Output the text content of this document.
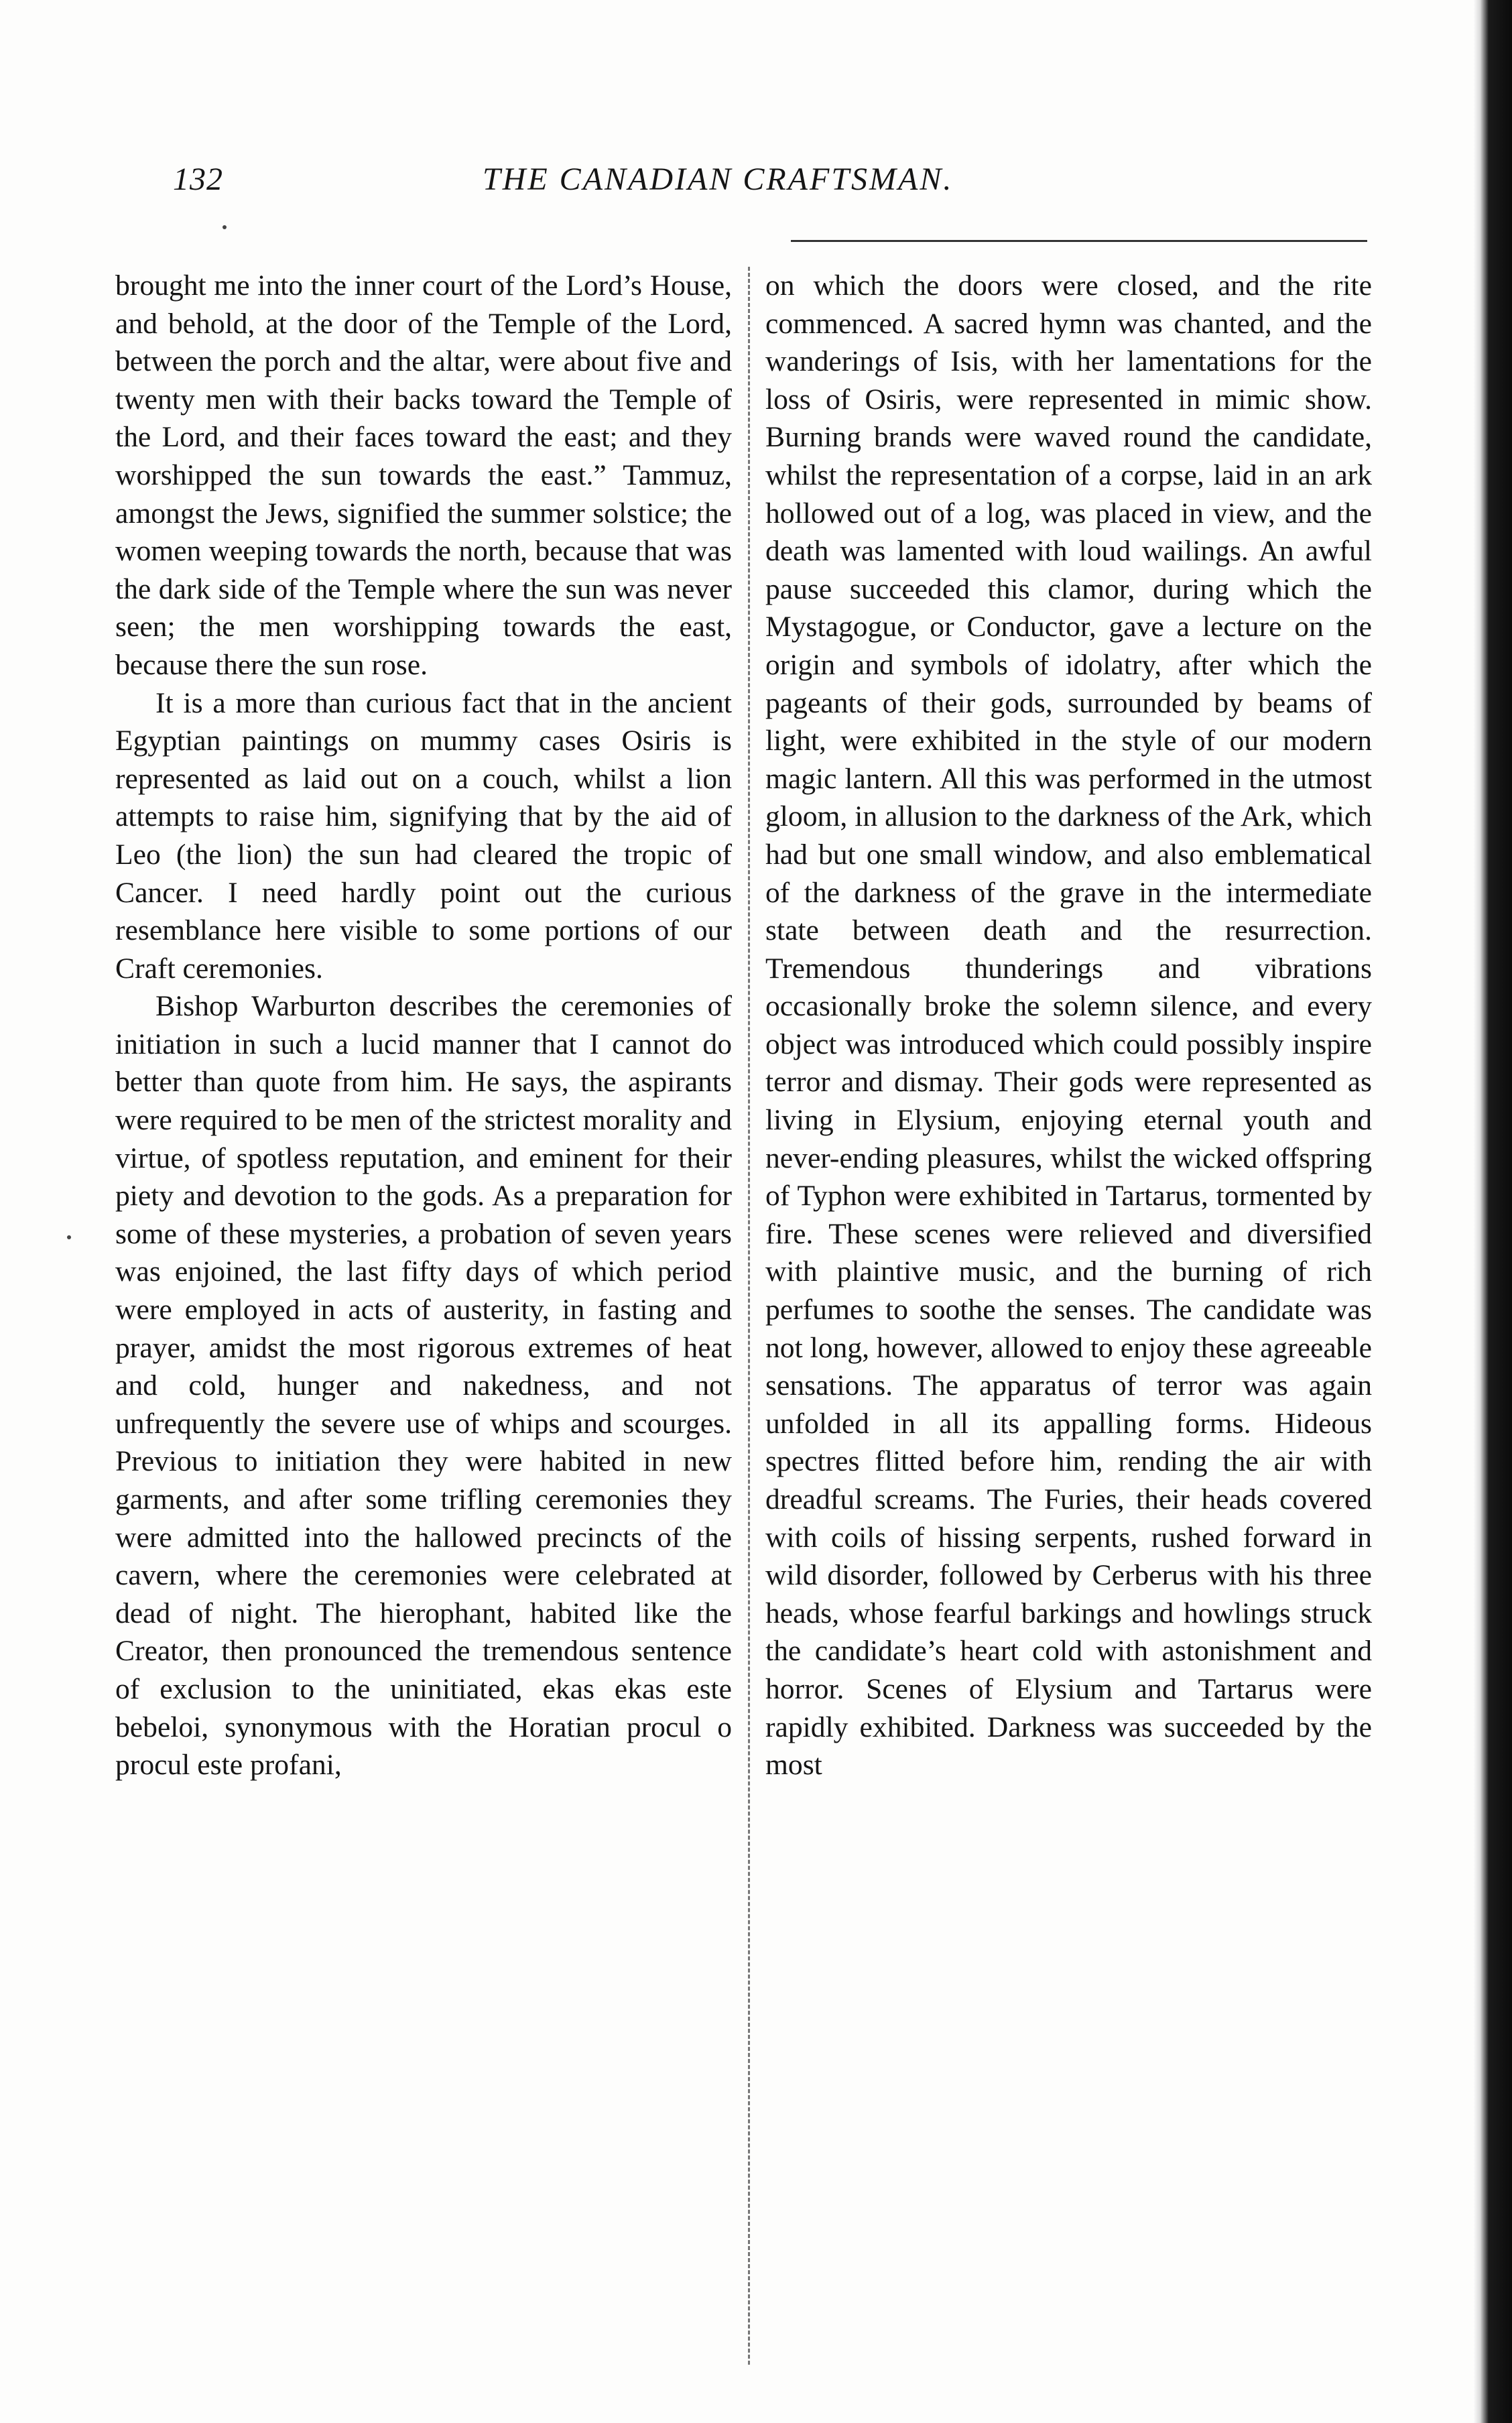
132	THE CANADIAN CRAFTSMAN.

brought me into the inner court of the Lord’s House, and behold, at the door of the Temple of the Lord, between the porch and the altar, were about five and twenty men with their backs toward the Temple of the Lord, and their faces toward the east; and they worshipped the sun towards the east.” Tammuz, amongst the Jews, signified the summer solstice; the women weeping towards the north, because that was the dark side of the Temple where the sun was never seen; the men worshipping towards the east, because there the sun rose.

It is a more than curious fact that in the ancient Egyptian paintings on mummy cases Osiris is represented as laid out on a couch, whilst a lion attempts to raise him, signifying that by the aid of Leo (the lion) the sun had cleared the tropic of Cancer. I need hardly point out the curious resemblance here visible to some portions of our Craft ceremonies.

Bishop Warburton describes the ceremonies of initiation in such a lucid manner that I cannot do better than quote from him. He says, the aspirants were required to be men of the strictest morality and virtue, of spotless reputation, and eminent for their piety and devotion to the gods. As a preparation for some of these mysteries, a probation of seven years was enjoined, the last fifty days of which period were employed in acts of austerity, in fasting and prayer, amidst the most rigorous extremes of heat and cold, hunger and nakedness, and not unfrequently the severe use of whips and scourges. Previous to initiation they were habited in new garments, and after some trifling ceremonies they were admitted into the hallowed precincts of the cavern, where the ceremonies were celebrated at dead of night. The hierophant, habited like the Creator, then pronounced the tremendous sentence of exclusion to the uninitiated, ekas ekas este bebeloi, synonymous with the Horatian procul o procul este profani,

on which the doors were closed, and the rite commenced. A sacred hymn was chanted, and the wanderings of Isis, with her lamentations for the loss of Osiris, were represented in mimic show. Burning brands were waved round the candidate, whilst the representation of a corpse, laid in an ark hollowed out of a log, was placed in view, and the death was lamented with loud wailings. An awful pause succeeded this clamor, during which the Mystagogue, or Conductor, gave a lecture on the origin and symbols of idolatry, after which the pageants of their gods, surrounded by beams of light, were exhibited in the style of our modern magic lantern. All this was performed in the utmost gloom, in allusion to the darkness of the Ark, which had but one small window, and also emblematical of the darkness of the grave in the intermediate state between death and the resurrection. Tremendous thunderings and vibrations occasionally broke the solemn silence, and every object was introduced which could possibly inspire terror and dismay. Their gods were represented as living in Elysium, enjoying eternal youth and never-ending pleasures, whilst the wicked offspring of Typhon were exhibited in Tartarus, tormented by fire. These scenes were relieved and diversified with plaintive music, and the burning of rich perfumes to soothe the senses. The candidate was not long, however, allowed to enjoy these agreeable sensations. The apparatus of terror was again unfolded in all its appalling forms. Hideous spectres flitted before him, rending the air with dreadful screams. The Furies, their heads covered with coils of hissing serpents, rushed forward in wild disorder, followed by Cerberus with his three heads, whose fearful barkings and howlings struck the candidate’s heart cold with astonishment and horror. Scenes of Elysium and Tartarus were rapidly exhibited. Darkness was succeeded by the most
